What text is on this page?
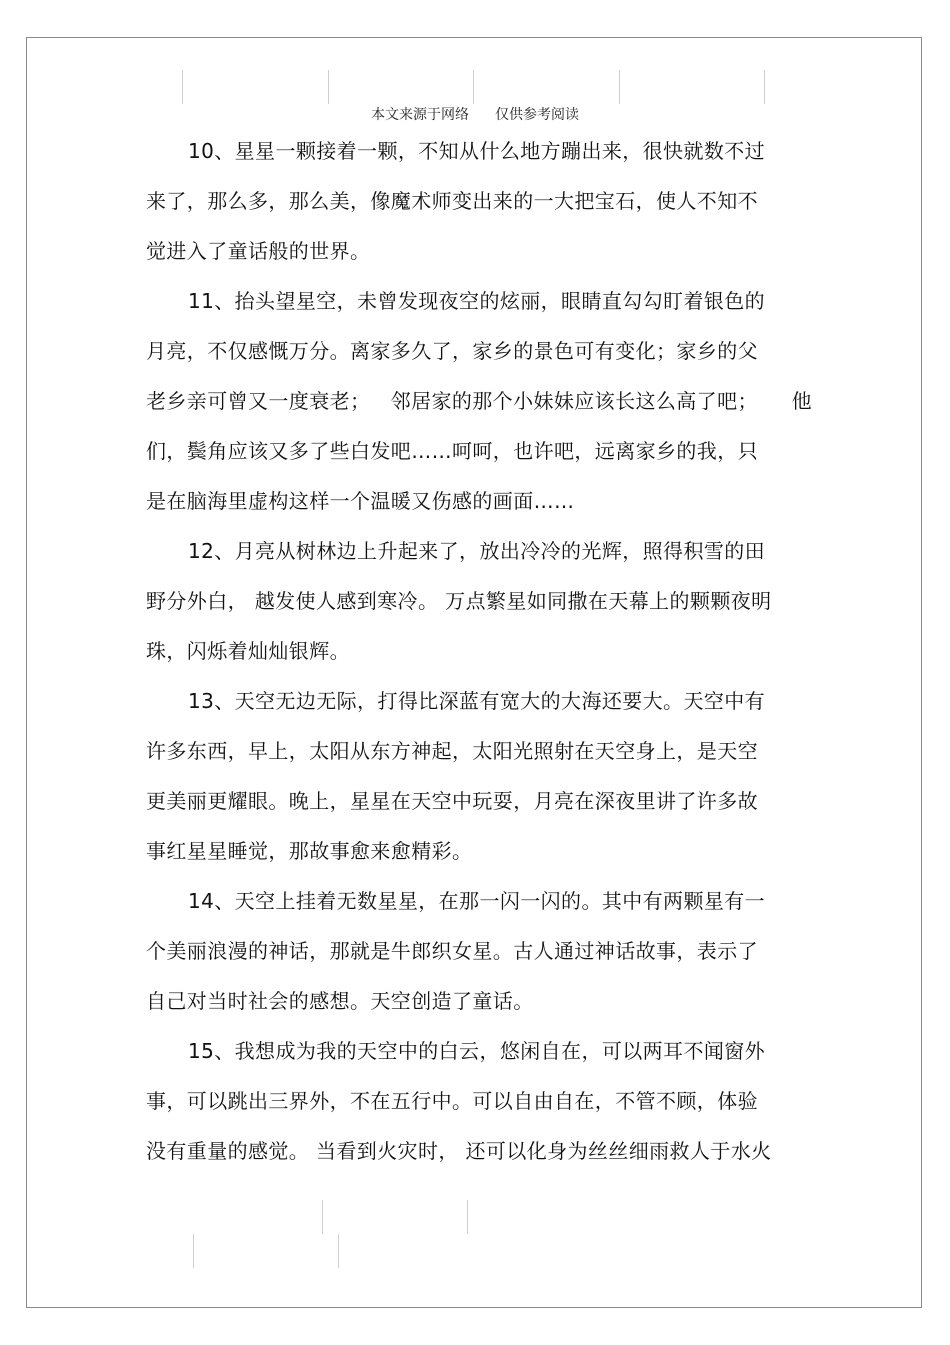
本文来源于网络 仅供参考阅读
10、星星一颗接着一颗，不知从什么地方蹦出来，很快就数不过
来了，那么多，那么美，像魔术师变出来的一大把宝石，使人不知不
觉进入了童话般的世界。
11、抬头望星空，未曾发现夜空的炫丽，眼睛直勾勾盯着银色的
月亮，不仅感慨万分。离家多久了，家乡的景色可有变化；家乡的父
老乡亲可曾又一度衰老；   邻居家的那个小妹妹应该长这么高了吧；     他
们，鬓角应该又多了些白发吧……呵呵，也许吧，远离家乡的我，只
是在脑海里虚构这样一个温暖又伤感的画面……
12、月亮从树林边上升起来了，放出冷冷的光辉，照得积雪的田
野分外白， 越发使人感到寒冷。 万点繁星如同撒在天幕上的颗颗夜明
珠，闪烁着灿灿银辉。
13、天空无边无际，打得比深蓝有宽大的大海还要大。天空中有
许多东西，早上，太阳从东方神起，太阳光照射在天空身上，是天空
更美丽更耀眼。晚上，星星在天空中玩耍，月亮在深夜里讲了许多故
事红星星睡觉，那故事愈来愈精彩。
14、天空上挂着无数星星，在那一闪一闪的。其中有两颗星有一
个美丽浪漫的神话，那就是牛郎织女星。古人通过神话故事，表示了
自己对当时社会的感想。天空创造了童话。
15、我想成为我的天空中的白云，悠闲自在，可以两耳不闻窗外
事，可以跳出三界外，不在五行中。可以自由自在，不管不顾，体验
没有重量的感觉。 当看到火灾时， 还可以化身为丝丝细雨救人于水火
